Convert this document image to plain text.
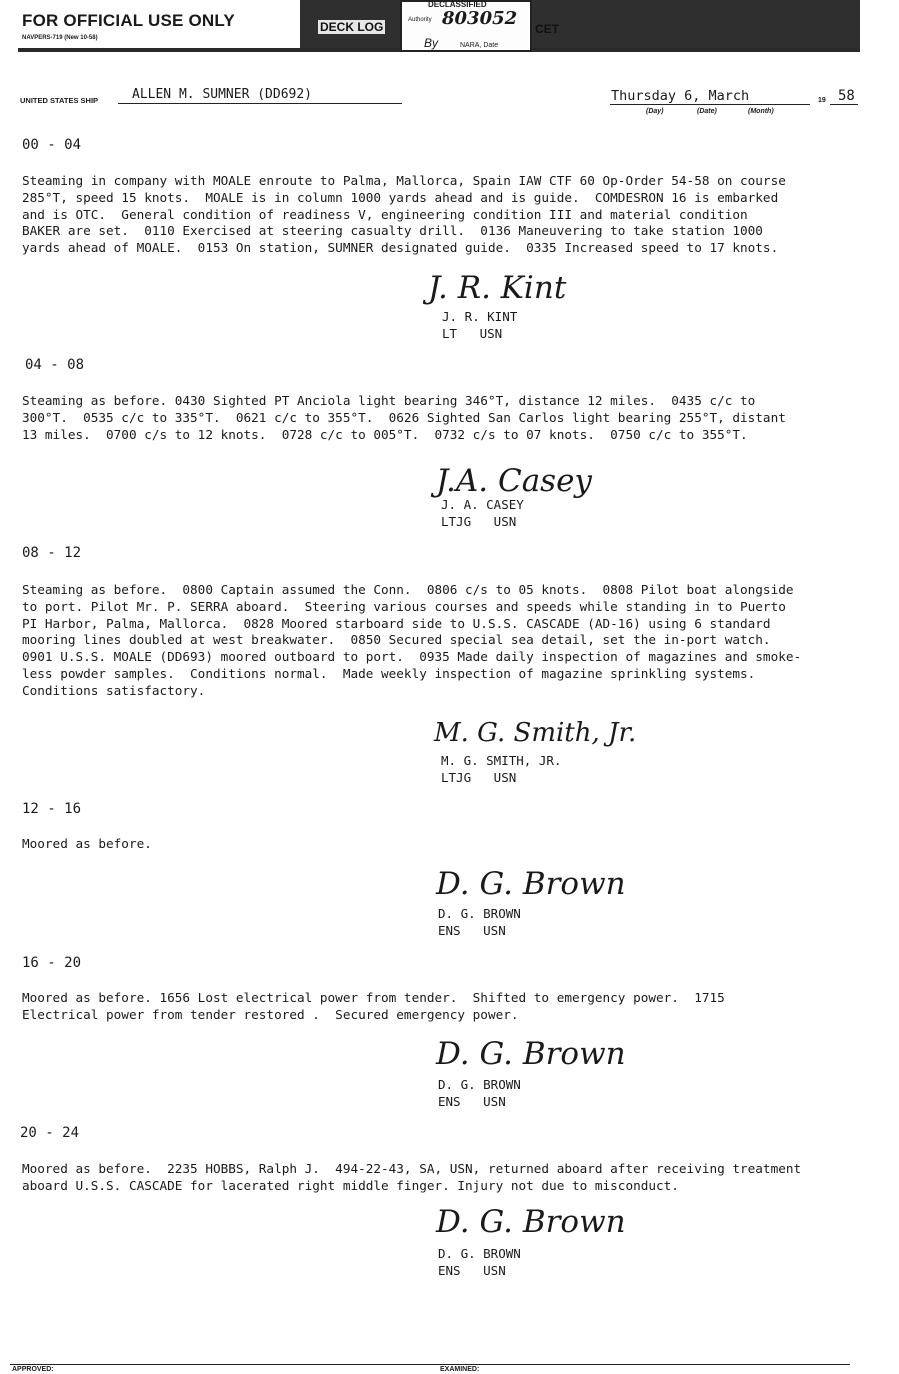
FOR OFFICIAL USE ONLY
NAVPERS-719 (New 10-58)
DECK LOG	CET
DECLASSIFIED
Authority 803052
By	NARA, Date
UNITED STATES SHIP	ALLEN M. SUMNER (DD692)	Thursday 6, March	19 58
(Day)	(Date)	(Month)
00 - 04
Steaming in company with MOALE enroute to Palma, Mallorca, Spain IAW CTF 60 Op-Order 54-58 on course
285°T, speed 15 knots.  MOALE is in column 1000 yards ahead and is guide.  COMDESRON 16 is embarked
and is OTC.  General condition of readiness V, engineering condition III and material condition
BAKER are set.  0110 Exercised at steering casualty drill.  0136 Maneuvering to take station 1000
yards ahead of MOALE.  0153 On station, SUMNER designated guide.  0335 Increased speed to 17 knots.
J. R. Kint
J. R. KINT
LT   USN
04 - 08
Steaming as before. 0430 Sighted PT Anciola light bearing 346°T, distance 12 miles.  0435 c/c to
300°T.  0535 c/c to 335°T.  0621 c/c to 355°T.  0626 Sighted San Carlos light bearing 255°T, distant
13 miles.  0700 c/s to 12 knots.  0728 c/c to 005°T.  0732 c/s to 07 knots.  0750 c/c to 355°T.
J.A. Casey
J. A. CASEY
LTJG   USN
08 - 12
Steaming as before.  0800 Captain assumed the Conn.  0806 c/s to 05 knots.  0808 Pilot boat alongside
to port. Pilot Mr. P. SERRA aboard.  Steering various courses and speeds while standing in to Puerto
PI Harbor, Palma, Mallorca.  0828 Moored starboard side to U.S.S. CASCADE (AD-16) using 6 standard
mooring lines doubled at west breakwater.  0850 Secured special sea detail, set the in-port watch.
0901 U.S.S. MOALE (DD693) moored outboard to port.  0935 Made daily inspection of magazines and smoke-
less powder samples.  Conditions normal.  Made weekly inspection of magazine sprinkling systems.
Conditions satisfactory.
M. G. Smith, Jr.
M. G. SMITH, JR.
LTJG   USN
12 - 16
Moored as before.
D. G. Brown
D. G. BROWN
ENS   USN
16 - 20
Moored as before. 1656 Lost electrical power from tender.  Shifted to emergency power.  1715
Electrical power from tender restored .  Secured emergency power.
D. G. Brown
D. G. BROWN
ENS   USN
20 - 24
Moored as before.  2235 HOBBS, Ralph J.  494-22-43, SA, USN, returned aboard after receiving treatment
aboard U.S.S. CASCADE for lacerated right middle finger. Injury not due to misconduct.
D. G. Brown
D. G. BROWN
ENS   USN
APPROVED:	EXAMINED:
